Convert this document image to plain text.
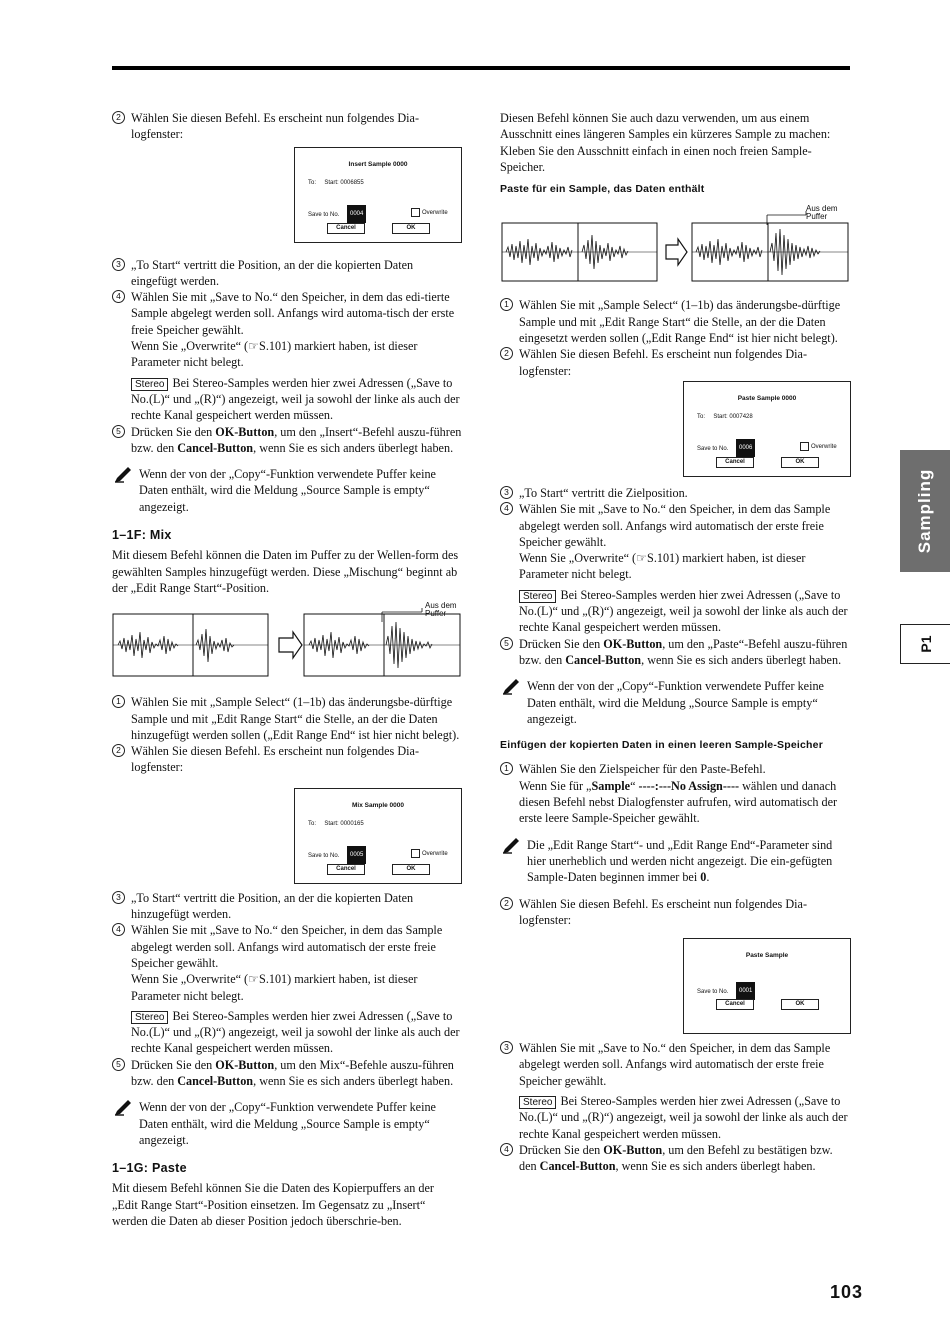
2 Wählen Sie diesen Befehl. Es erscheint nun folgendes Dia-logfenster:

Insert Sample 0000
To: Start: 0006855
Save to No.	0004	Overwrite
Cancel	OK

3 „To Start“ vertritt die Position, an der die kopierten Daten eingefügt werden.

4 Wählen Sie mit „Save to No.“ den Speicher, in dem das edi-tierte Sample abgelegt werden soll. Anfangs wird automa-tisch der erste freie Speicher gewählt.

Wenn Sie „Overwrite“ (☞S.101) markiert haben, ist dieser Parameter nicht belegt.

Stereo Bei Stereo-Samples werden hier zwei Adressen („Save to No.(L)“ und „(R)“) angezeigt, weil ja sowohl der linke als auch der rechte Kanal gespeichert werden müssen.

5 Drücken Sie den OK-Button, um den „Insert“-Befehl auszu-führen bzw. den Cancel-Button, wenn Sie es sich anders überlegt haben.

Wenn der von der „Copy“-Funktion verwendete Puffer keine Daten enthält, wird die Meldung „Source Sample is empty“ angezeigt.

1–1F: Mix

Mit diesem Befehl können die Daten im Puffer zu der Wellen-form des gewählten Samples hinzugefügt werden. Diese „Mischung“ beginnt ab der „Edit Range Start“-Position.

Aus dem Puffer

1 Wählen Sie mit „Sample Select“ (1–1b) das änderungsbe-dürftige Sample und mit „Edit Range Start“ die Stelle, an der die Daten hinzugefügt werden sollen („Edit Range End“ ist hier nicht belegt).

2 Wählen Sie diesen Befehl. Es erscheint nun folgendes Dia-logfenster:

Mix Sample 0000
To: Start: 0000165
Save to No.	0005	Overwrite
Cancel	OK

3 „To Start“ vertritt die Position, an der die kopierten Daten hinzugefügt werden.

4 Wählen Sie mit „Save to No.“ den Speicher, in dem das Sample abgelegt werden soll. Anfangs wird automatisch der erste freie Speicher gewählt.

Wenn Sie „Overwrite“ (☞S.101) markiert haben, ist dieser Parameter nicht belegt.

Stereo Bei Stereo-Samples werden hier zwei Adressen („Save to No.(L)“ und „(R)“) angezeigt, weil ja sowohl der linke als auch der rechte Kanal gespeichert werden müssen.

5 Drücken Sie den OK-Button, um den Mix“-Befehle auszu-führen bzw. den Cancel-Button, wenn Sie es sich anders überlegt haben.

Wenn der von der „Copy“-Funktion verwendete Puffer keine Daten enthält, wird die Meldung „Source Sample is empty“ angezeigt.

1–1G: Paste

Mit diesem Befehl können Sie die Daten des Kopierpuffers an der „Edit Range Start“-Position einsetzen. Im Gegensatz zu „Insert“ werden die Daten ab dieser Position jedoch überschrie-ben.

Diesen Befehl können Sie auch dazu verwenden, um aus einem Ausschnitt eines längeren Samples ein kürzeres Sample zu machen: Kleben Sie den Ausschnitt einfach in einen noch freien Sample-Speicher.

Paste für ein Sample, das Daten enthält
Aus dem Puffer

1 Wählen Sie mit „Sample Select“ (1–1b) das änderungsbe-dürftige Sample und mit „Edit Range Start“ die Stelle, an der die Daten eingesetzt werden sollen („Edit Range End“ ist hier nicht belegt).

2 Wählen Sie diesen Befehl. Es erscheint nun folgendes Dia-logfenster:

Paste Sample 0000
To: Start: 0007428
Save to No.	0006	Overwrite
Cancel	OK

3 „To Start“ vertritt die Zielposition.

4 Wählen Sie mit „Save to No.“ den Speicher, in dem das Sample abgelegt werden soll. Anfangs wird automatisch der erste freie Speicher gewählt.

Wenn Sie „Overwrite“ (☞S.101) markiert haben, ist dieser Parameter nicht belegt.

Stereo Bei Stereo-Samples werden hier zwei Adressen („Save to No.(L)“ und „(R)“) angezeigt, weil ja sowohl der linke als auch der rechte Kanal gespeichert werden müssen.

5 Drücken Sie den OK-Button, um den „Paste“-Befehl auszu-führen bzw. den Cancel-Button, wenn Sie es sich anders überlegt haben.

Wenn der von der „Copy“-Funktion verwendete Puffer keine Daten enthält, wird die Meldung „Source Sample is empty“ angezeigt.

Einfügen der kopierten Daten in einen leeren Sample-Speicher

1 Wählen Sie den Zielspeicher für den Paste-Befehl.

Wenn Sie für „Sample“ ----:---No Assign---- wählen und danach diesen Befehl nebst Dialogfenster aufrufen, wird automatisch der erste leere Sample-Speicher gewählt.

Die „Edit Range Start“- und „Edit Range End“-Parameter sind hier unerheblich und werden nicht angezeigt. Die ein-gefügten Sample-Daten beginnen immer bei 0.

2 Wählen Sie diesen Befehl. Es erscheint nun folgendes Dia-logfenster:

Paste Sample
Save to No.	0001
Cancel	OK

3 Wählen Sie mit „Save to No.“ den Speicher, in dem das Sample abgelegt werden soll. Anfangs wird automatisch der erste freie Speicher gewählt.

Stereo Bei Stereo-Samples werden hier zwei Adressen („Save to No.(L)“ und „(R)“) angezeigt, weil ja sowohl der linke als auch der rechte Kanal gespeichert werden müssen.

4 Drücken Sie den OK-Button, um den Befehl zu bestätigen bzw. den Cancel-Button, wenn Sie es sich anders überlegt haben.

Sampling
P1
103
